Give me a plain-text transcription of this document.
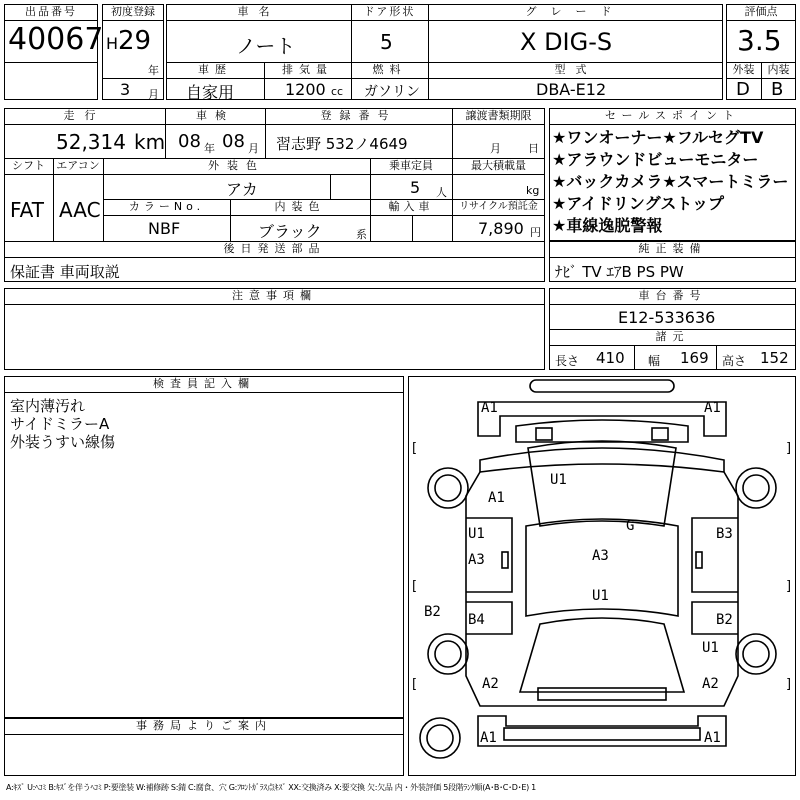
出品番号
40067
初度登録
H 29
年
3 月
車名
ノート
ドア形状
5
グレード
X DIG-S
車歴
自家用
排気量
1200 cc
燃料
ガソリン
型式
DBA-E12
評価点
3.5
外装	内装
D B
走行
52,314 km
車検
08 年 08 月
登録番号
習志野 532ノ4649
譲渡書類期限
月 日
シフト
FAT
エアコン
AAC
外装色
アカ
乗車定員
5 人
最大積載量
kg
カラーNo.
NBF
内装色
ブラック	系
輸入車	リサイクル預託金
7,890 円
後日発送部品
保証書 車両取説
セールスポイント
★ワンオーナー★フルセグTV
★アラウンドビューモニター
★バックカメラ★スマートミラー
★アイドリングストップ
★車線逸脱警報
純正装備
ﾅﾋﾞ TV ｴｱB PS PW
注意事項欄	車台番号
E12-533636
諸元
長さ 410 幅 169 高さ 152
検査員記入欄
室内薄汚れ
サイドミラーA
外装うすい線傷
事務局よりご案内
[	]
[	]
[	]
A1	A1
U1
A1
G
U1	B3
A3	A3
U1
B2 B4	B2
U1
A2	A2
A1	A1
A:ｷｽﾞ U:ﾍｺﾐ B:ｷｽﾞを伴うﾍｺﾐ P:要塗装 W:補修跡 S:錆 C:腐食、穴 G:ﾌﾛﾝﾄｶﾞﾗｽ点ｷｽﾞ XX:交換済み X:要交換 欠:欠品 内・外装評価 5段階ﾗﾝｸ順(A･B･C･D･E) 1
